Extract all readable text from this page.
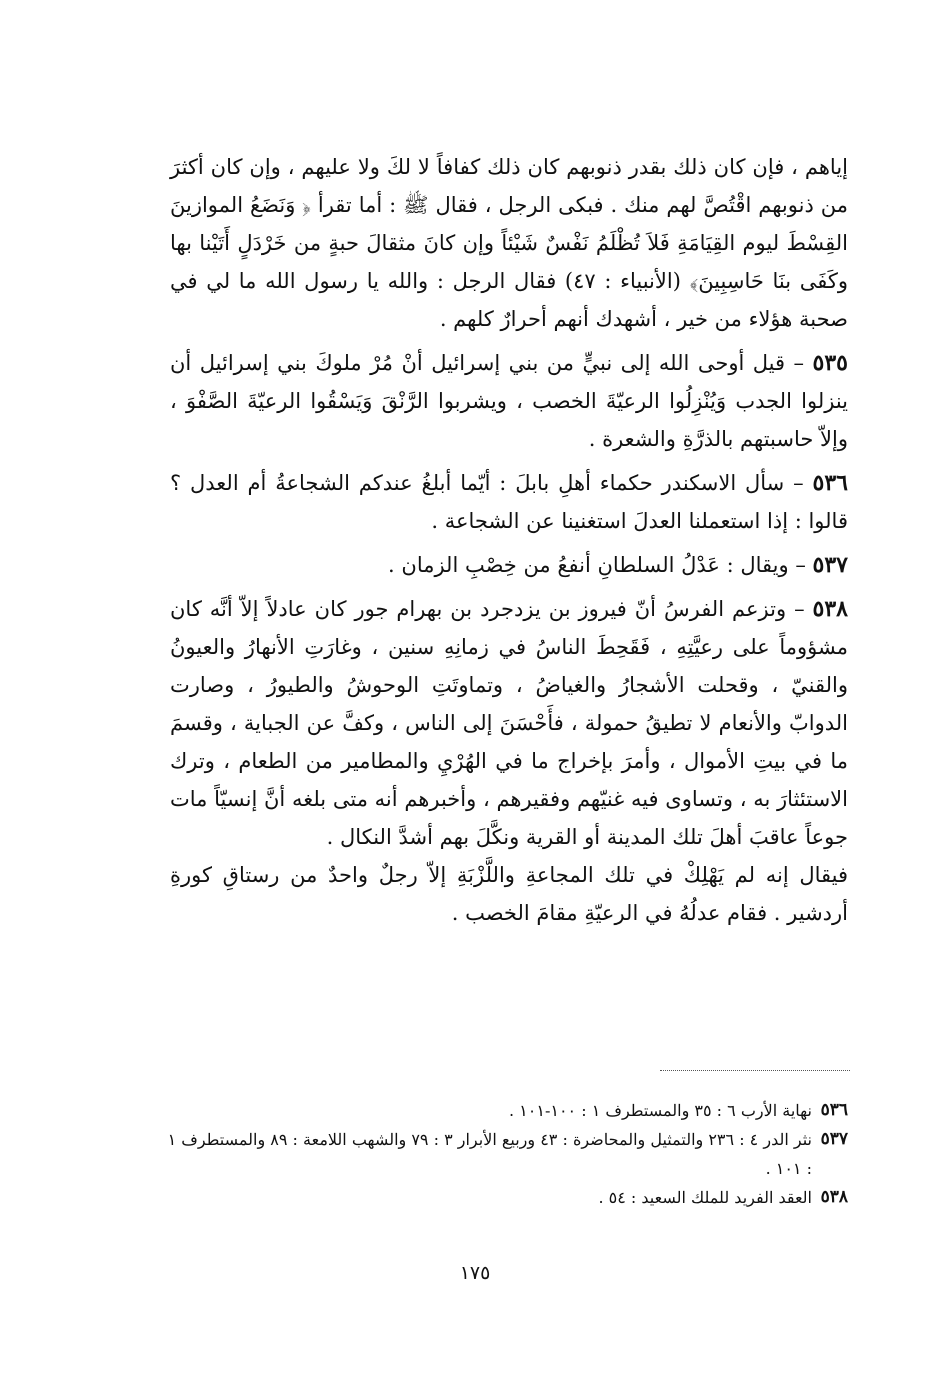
إياهم ، فإن كان ذلك بقدر ذنوبهم كان ذلك كفافاً لا لكَ ولا عليهم ، وإن كان أكثرَ من ذنوبهم اقْتُصَّ لهم منك . فبكى الرجل ، فقال ﷺ : أما تقرأ ﴿ وَنَضَعُ الموازينَ القِسْطَ ليوم القِيَامَةِ فَلاَ تُظْلَمُ نَفْسٌ شَيْئاً وإن كانَ مثقالَ حبةٍ من خَرْدَلٍ أَتَيْنا بها وكَفَى بنَا حَاسِبِينَ﴾ (الأنبياء : ٤٧) فقال الرجل : والله يا رسول الله ما لي في صحبة هؤلاء من خير ، أشهدك أنهم أحرارٌ كلهم .

٥٣٥ – قيل أوحى الله إلى نبيٍّ من بني إسرائيل أنْ مُرْ ملوكَ بني إسرائيل أن ينزلوا الجدب وَيُنْزِلُوا الرعيّةَ الخصب ، ويشربوا الرَّنْقَ وَيَسْقُوا الرعيّةَ الصَّفْوَ ، وإلاّ حاسبتهم بالذرَّةِ والشعرة .

٥٣٦ – سأل الاسكندر حكماء أهلِ بابلَ : أيّما أبلغُ عندكم الشجاعةُ أم العدل ؟ قالوا : إذا استعملنا العدلَ استغنينا عن الشجاعة .

٥٣٧ – ويقال : عَدْلُ السلطانِ أنفعُ من خِصْبِ الزمان .

٥٣٨ – وتزعم الفرسُ أنّ فيروز بن يزدجرد بن بهرام جور كان عادلاً إلاّ أنَّه كان مشؤوماً على رعيَّتِهِ ، فَقَحِطَ الناسُ في زمانِهِ سنين ، وغارَتِ الأنهارُ والعيونُ والقنيّ ، وقحلت الأشجارُ والغياضُ ، وتماوتَتِ الوحوشُ والطيورُ ، وصارت الدوابّ والأنعام لا تطيقُ حمولة ، فأَحْسَنَ إلى الناس ، وكفَّ عن الجباية ، وقسمَ ما في بيتِ الأموال ، وأمرَ بإخراج ما في الهُرْيِ والمطامير من الطعام ، وترك الاستئثارَ به ، وتساوى فيه غنيّهم وفقيرهم ، وأخبرهم أنه متى بلغه أنَّ إنسيّاً مات جوعاً عاقبَ أهلَ تلك المدينة أو القرية ونكَّلَ بهم أشدَّ النكال .
فيقال إنه لم يَهْلِكْ في تلك المجاعةِ واللَّزْبَةِ إلاّ رجلٌ واحدٌ من رستاقِ كورةِ أردشير . فقام عدلُهُ في الرعيّةِ مقامَ الخصب .

٥٣٦
نهاية الأرب ٦ : ٣٥ والمستطرف ١ : ١٠٠-١٠١ .
٥٣٧
نثر الدر ٤ : ٢٣٦ والتمثيل والمحاضرة : ٤٣ وربيع الأبرار ٣ : ٧٩ والشهب اللامعة : ٨٩ والمستطرف ١ : ١٠١ .
٥٣٨
العقد الفريد للملك السعيد : ٥٤ .
١٧٥
